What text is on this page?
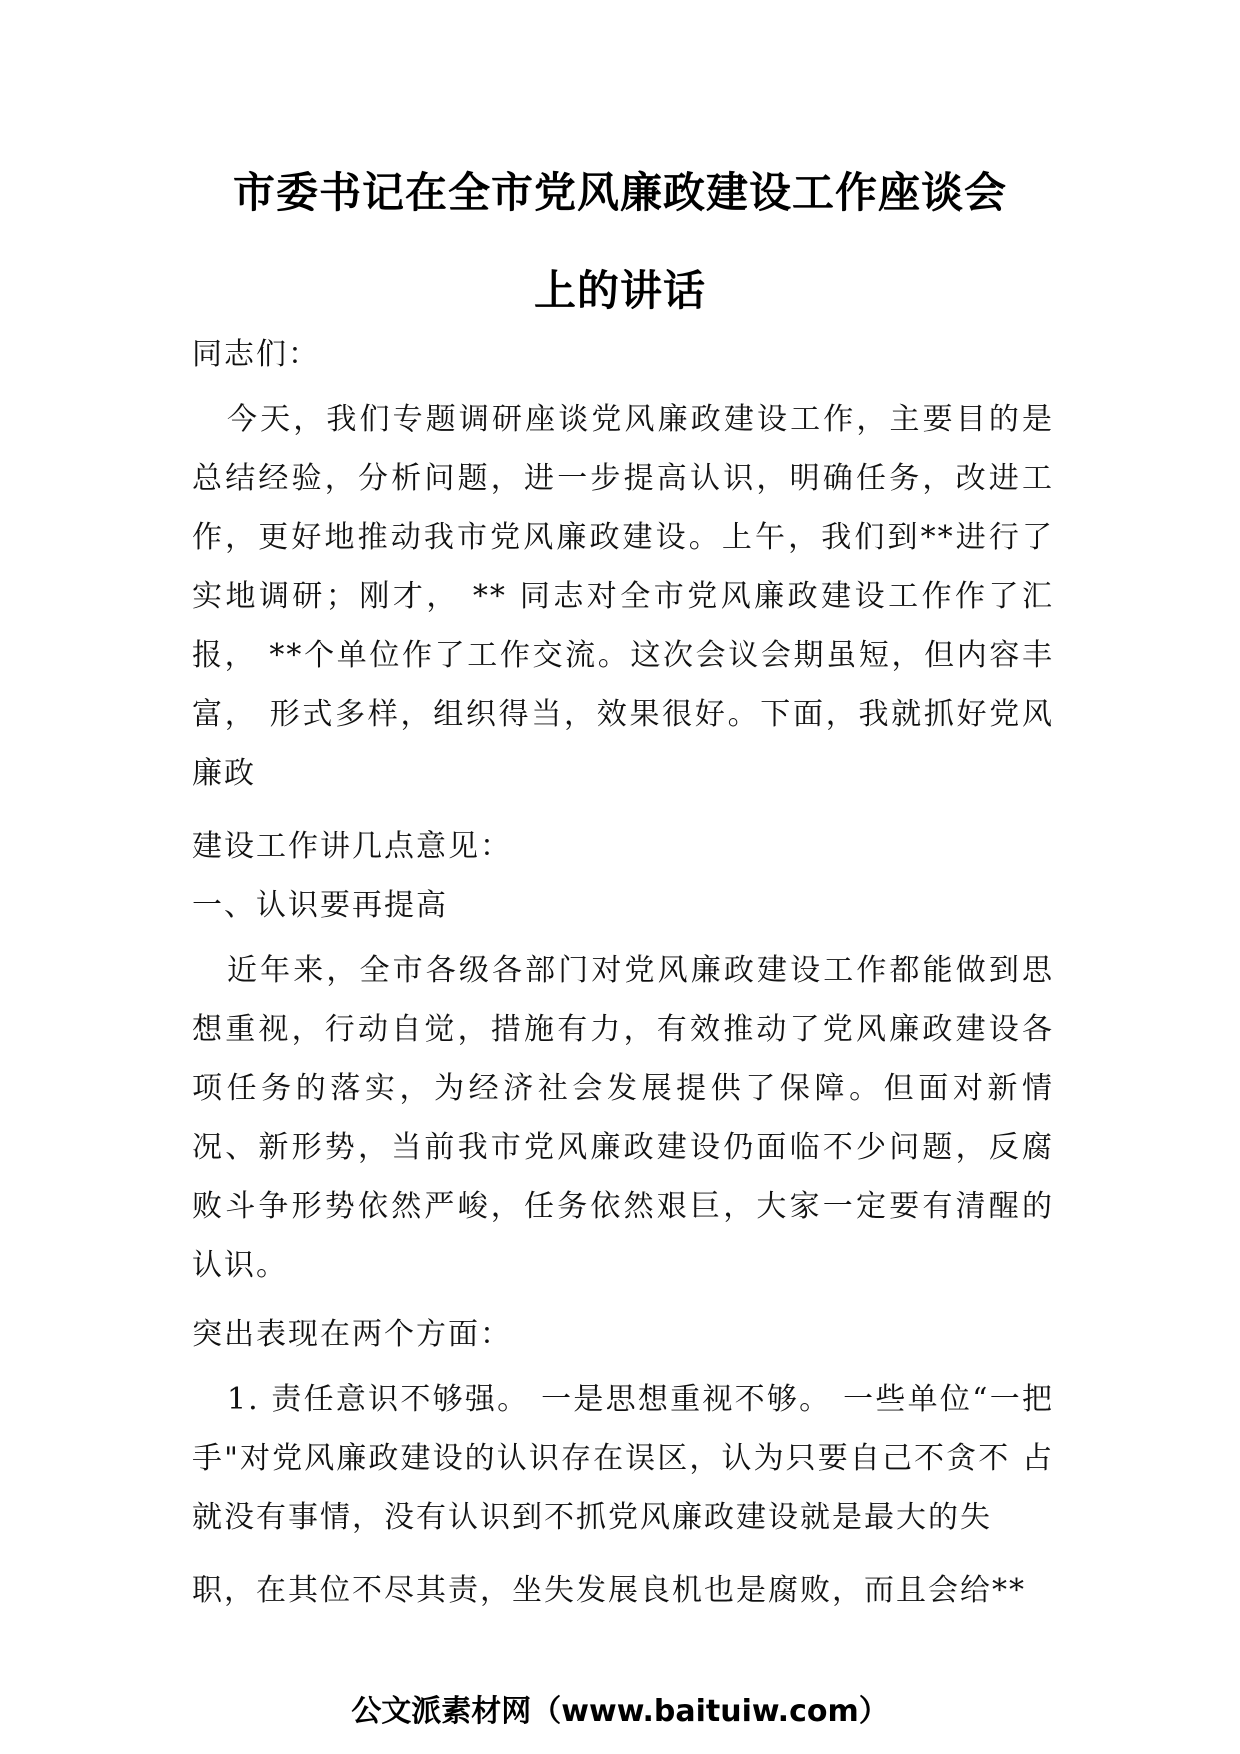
市委书记在全市党风廉政建设工作座谈会
上的讲话

同志们：

今天，我们专题调研座谈党风廉政建设工作，主要目的是总结经验，分析问题，进一步提高认识，明确任务，改进工作，更好地推动我市党风廉政建设。上午，我们到**进行了实地调研；刚才， ** 同志对全市党风廉政建设工作作了汇报， **个单位作了工作交流。这次会议会期虽短，但内容丰富， 形式多样，组织得当，效果很好。下面，我就抓好党风廉政

建设工作讲几点意见：

一、认识要再提高

近年来，全市各级各部门对党风廉政建设工作都能做到思想重视，行动自觉，措施有力，有效推动了党风廉政建设各项任务的落实，为经济社会发展提供了保障。但面对新情况、新形势，当前我市党风廉政建设仍面临不少问题，反腐败斗争形势依然严峻，任务依然艰巨，大家一定要有清醒的认识。

突出表现在两个方面：

1. 责任意识不够强。 一是思想重视不够。 一些单位“一把 手"对党风廉政建设的认识存在误区，认为只要自己不贪不 占就没有事情，没有认识到不抓党风廉政建设就是最大的失

职，在其位不尽其责，坐失发展良机也是腐败，而且会给**

公文派素材网（www.baituiw.com）
